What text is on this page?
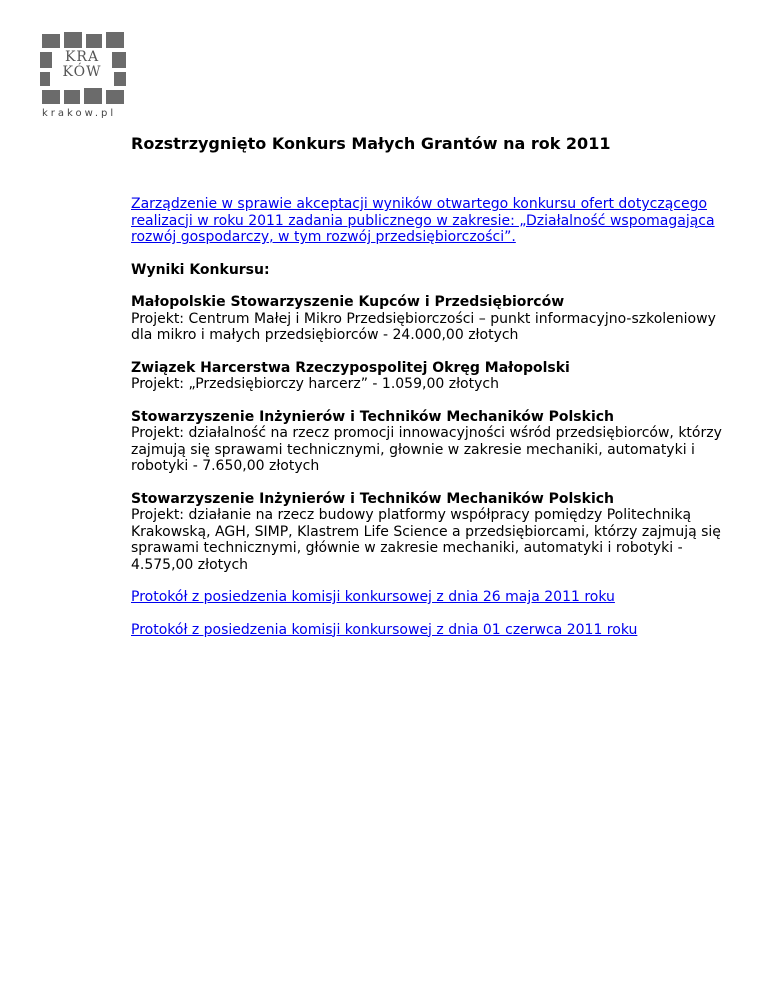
KRA
KÓW
krakow.pl
Rozstrzygnięto Konkurs Małych Grantów na rok 2011

Zarządzenie w sprawie akceptacji wyników otwartego konkursu ofert dotyczącego realizacji w roku 2011 zadania publicznego w zakresie: „Działalność wspomagająca rozwój gospodarczy, w tym rozwój przedsiębiorczości”.

Wyniki Konkursu:

Małopolskie Stowarzyszenie Kupców i Przedsiębiorców
Projekt: Centrum Małej i Mikro Przedsiębiorczości – punkt informacyjno-szkoleniowy dla mikro i małych przedsiębiorców - 24.000,00 złotych

Związek Harcerstwa Rzeczypospolitej Okręg Małopolski
Projekt: „Przedsiębiorczy harcerz” - 1.059,00 złotych

Stowarzyszenie Inżynierów i Techników Mechaników Polskich
Projekt: działalność na rzecz promocji innowacyjności wśród przedsiębiorców, którzy zajmują się sprawami technicznymi, głownie w zakresie mechaniki, automatyki i robotyki - 7.650,00 złotych

Stowarzyszenie Inżynierów i Techników Mechaników Polskich
Projekt: działanie na rzecz budowy platformy współpracy pomiędzy Politechniką Krakowską, AGH, SIMP, Klastrem Life Science a przedsiębiorcami, którzy zajmują się sprawami technicznymi, głównie w zakresie mechaniki, automatyki i robotyki - 4.575,00 złotych

Protokół z posiedzenia komisji konkursowej z dnia 26 maja 2011 roku

Protokół z posiedzenia komisji konkursowej z dnia 01 czerwca 2011 roku
